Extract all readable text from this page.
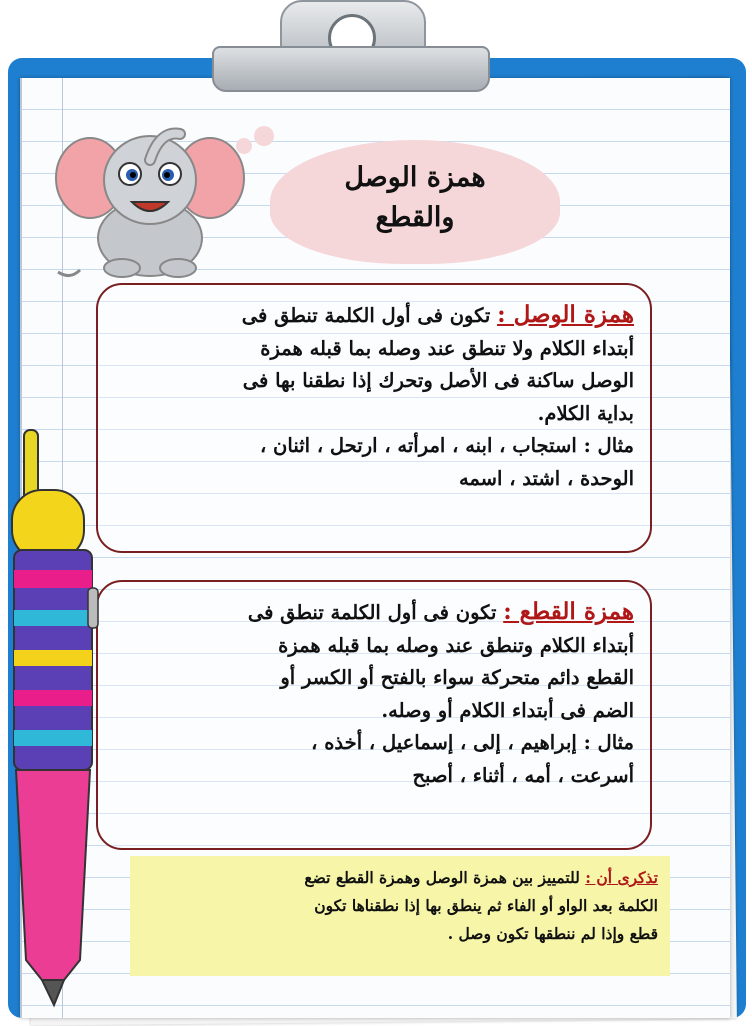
همزة الوصل
والقطع
همزة الوصل : تكون فى أول الكلمة تنطق فى
أبتداء الكلام ولا تنطق عند وصله بما قبله همزة
الوصل ساكنة فى الأصل وتحرك إذا نطقنا بها فى
بداية الكلام.
مثال : استجاب ، ابنه ، امرأته ، ارتحل ، اثنان ،
الوحدة ، اشتد ، اسمه
همزة القطع : تكون فى أول الكلمة تنطق فى
أبتداء الكلام وتنطق عند وصله بما قبله همزة
القطع دائم متحركة سواء بالفتح أو الكسر أو
الضم فى أبتداء الكلام أو وصله.
مثال : إبراهيم ، إلى ، إسماعيل ، أخذه ،
أسرعت ، أمه ، أثناء ، أصبح
تذكرى أن : للتمييز بين همزة الوصل وهمزة القطع تضع
الكلمة بعد الواو أو الفاء ثم ينطق بها إذا نطقناها تكون
قطع وإذا لم ننطقها تكون وصل .
